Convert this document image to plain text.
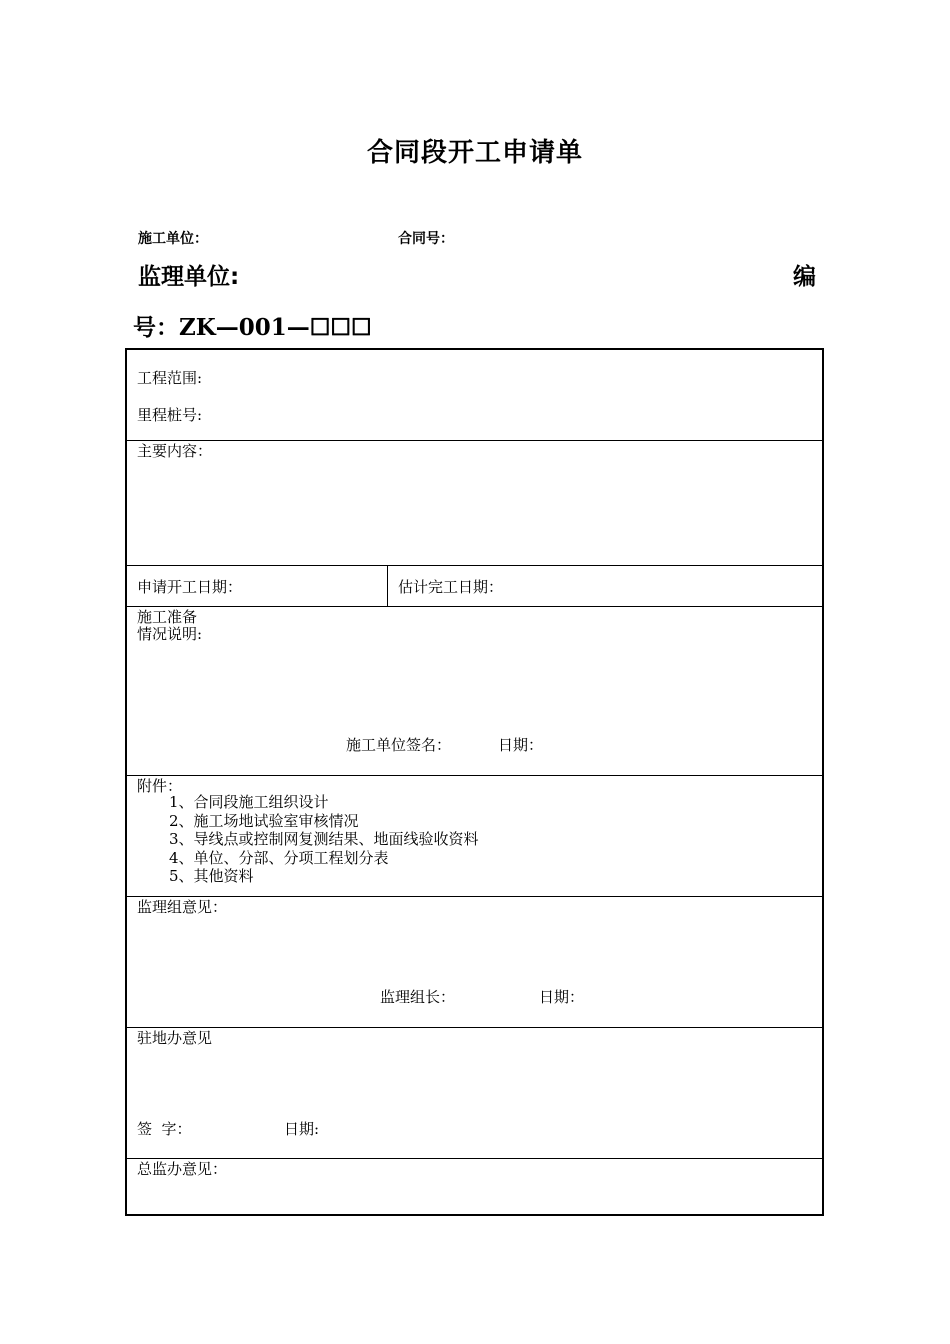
合同段开工申请单
施工单位：	合同号：
监理单位:	编
号：ZK—001—☐☐☐
工程范围:
里程桩号:
主要内容：
申请开工日期：	估计完工日期：
施工准备
情况说明:
施工单位签名：	日期：
附件：
1、合同段施工组织设计
2、施工场地试验室审核情况
3、导线点或控制网复测结果、地面线验收资料
4、单位、分部、分项工程划分表
5、其他资料
监理组意见：
监理组长：	日期：
驻地办意见
签  字：	日期:
总监办意见：
